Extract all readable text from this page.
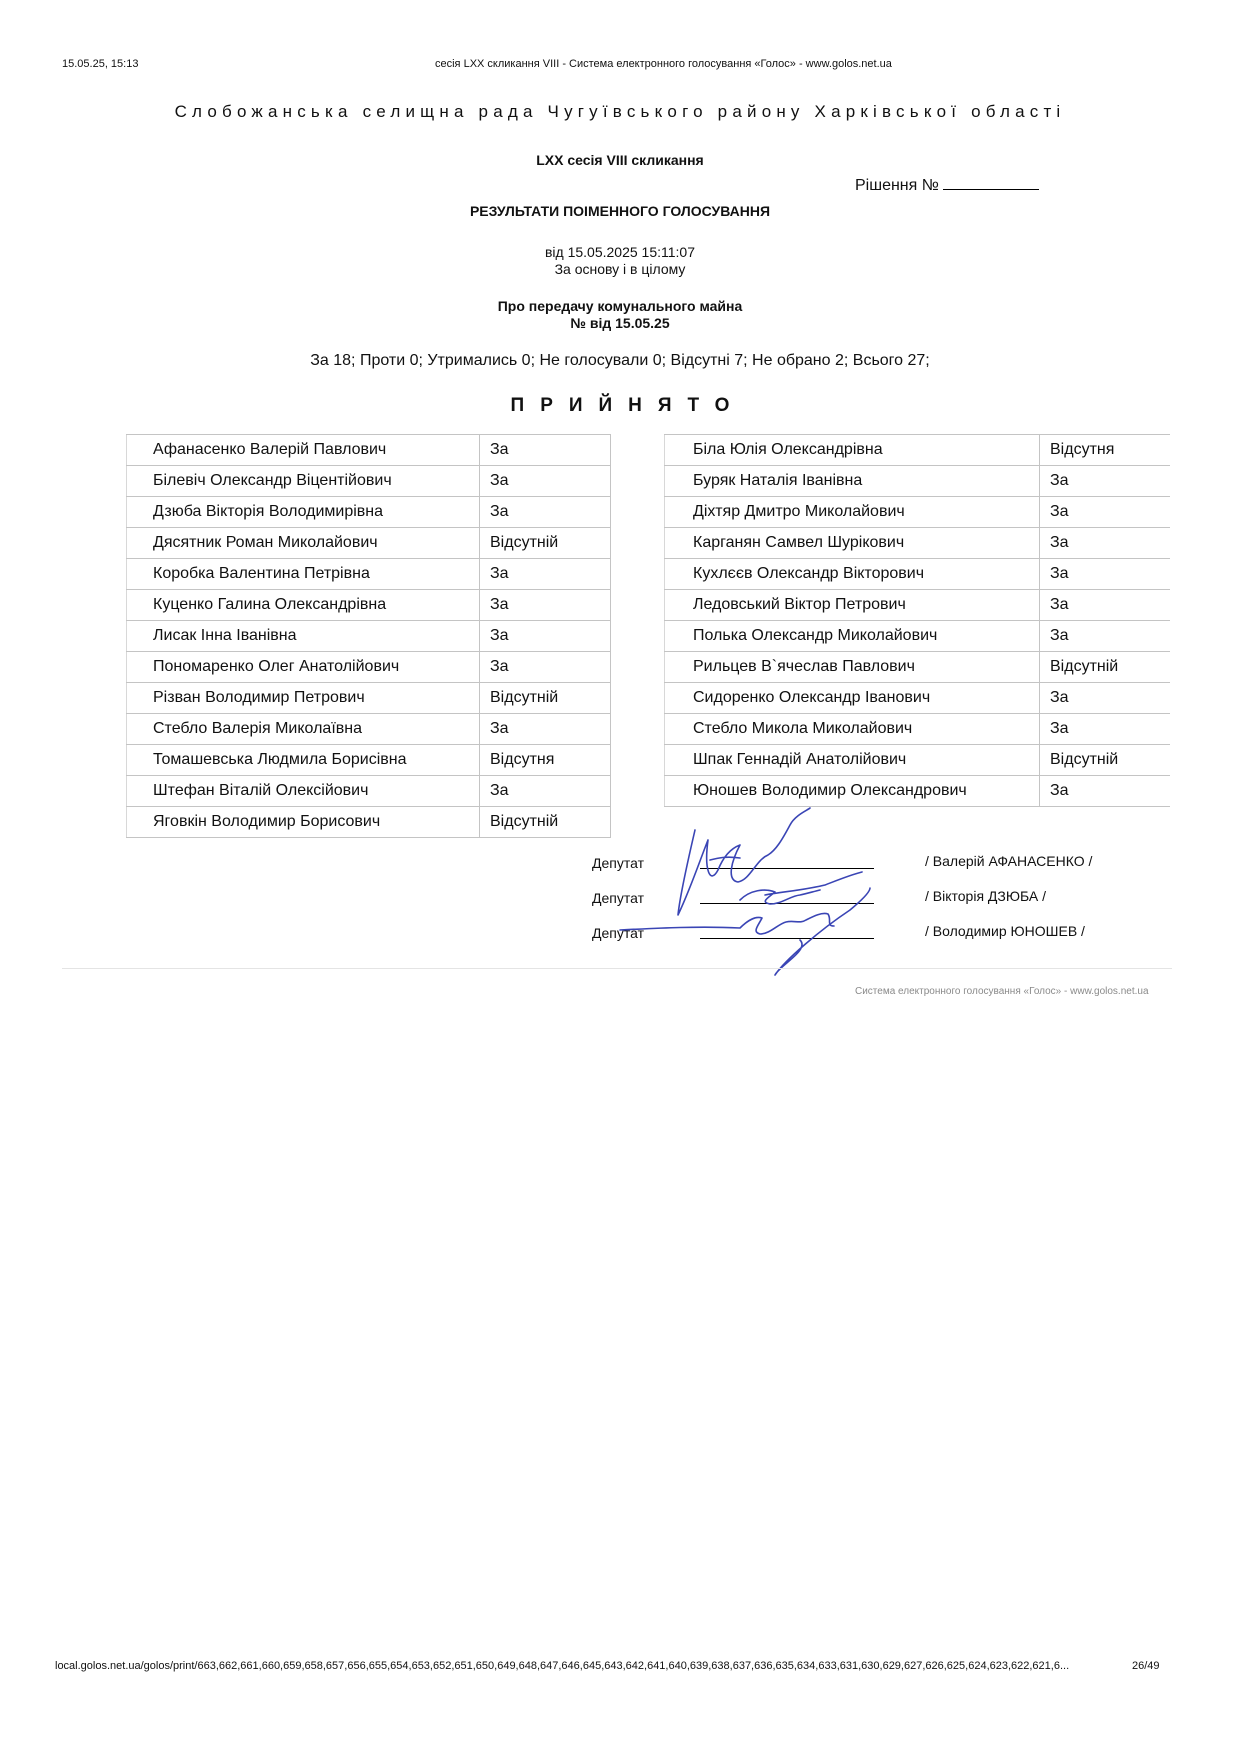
15.05.25, 15:13	сесія LXX скликання VIII - Система електронного голосування «Голос» - www.golos.net.ua
Слобожанська селищна рада Чугуївського району Харківської області
LXX сесія VIII скликання
Рішення №
РЕЗУЛЬТАТИ ПОІМЕННОГО ГОЛОСУВАННЯ
від 15.05.2025 15:11:07
За основу і в цілому
Про передачу комунального майна
№ від 15.05.25
За 18; Проти 0; Утримались 0; Не голосували 0; Відсутні 7; Не обрано 2; Всього 27;
ПРИЙНЯТО
Афанасенко Валерій Павлович	За
Білевіч Олександр Віцентійович	За
Дзюба Вікторія Володимирівна	За
Дясятник Роман Миколайович	Відсутній
Коробка Валентина Петрівна	За
Куценко Галина Олександрівна	За
Лисак Інна Іванівна	За
Пономаренко Олег Анатолійович	За
Різван Володимир Петрович	Відсутній
Стебло Валерія Миколаївна	За
Томашевська Людмила Борисівна	Відсутня
Штефан Віталій Олексійович	За
Яговкін Володимир Борисович	Відсутній
Біла Юлія Олександрівна	Відсутня
Буряк Наталія Іванівна	За
Діхтяр Дмитро Миколайович	За
Карганян Самвел Шурікович	За
Кухлєєв Олександр Вікторович	За
Ледовський Віктор Петрович	За
Полька Олександр Миколайович	За
Рильцев В`ячеслав Павлович	Відсутній
Сидоренко Олександр Іванович	За
Стебло Микола Миколайович	За
Шпак Геннадій Анатолійович	Відсутній
Юношев Володимир Олександрович	За
Депутат
Депутат
Депутат
/ Валерій АФАНАСЕНКО /
/ Вікторія ДЗЮБА /
/ Володимир ЮНОШЕВ /
Система електронного голосування «Голос» - www.golos.net.ua
local.golos.net.ua/golos/print/663,662,661,660,659,658,657,656,655,654,653,652,651,650,649,648,647,646,645,643,642,641,640,639,638,637,636,635,634,633,631,630,629,627,626,625,624,623,622,621,6...	26/49
